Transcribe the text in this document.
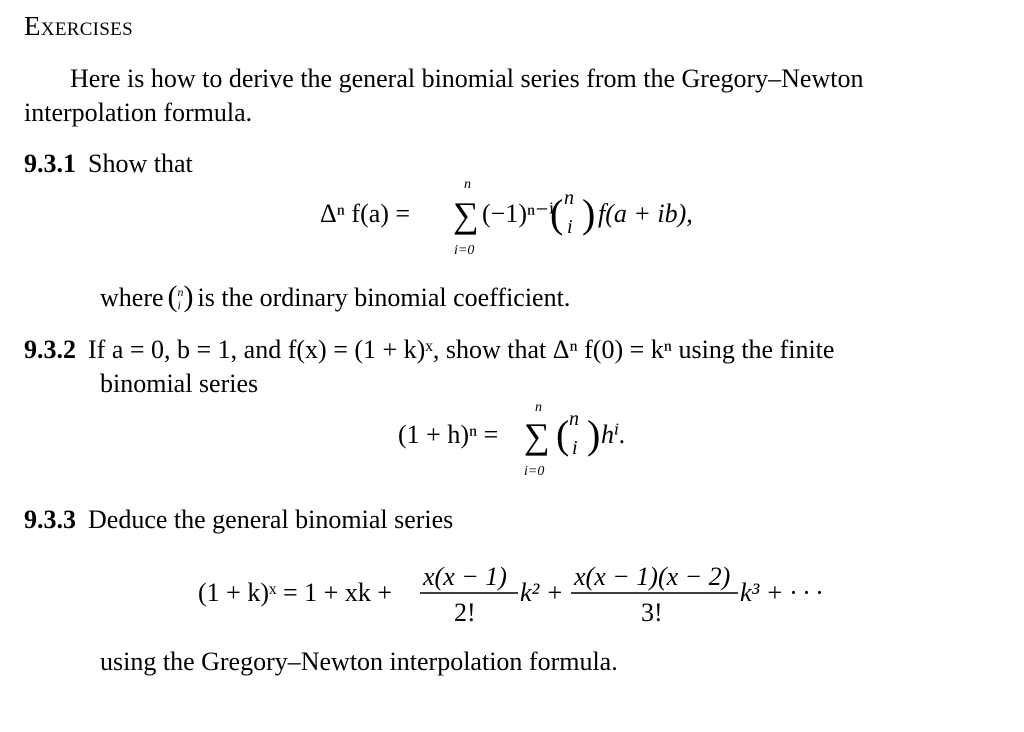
Exercises
Here is how to derive the general binomial series from the Gregory–Newton interpolation formula.
9.3.1 Show that
Δⁿ f(a) =
n
∑
i=0
(−1)ⁿ⁻ⁱ
( n
i ) f(a + ib),
where ( n
i ) is the ordinary binomial coefficient.
9.3.2 If a = 0, b = 1, and f(x) = (1 + k)ˣ, show that Δⁿ f(0) = kⁿ using the finite
binomial series
(1 + h)ⁿ =
n
∑
i=0
( n
i ) hⁱ.
9.3.3 Deduce the general binomial series
(1 + k)ˣ = 1 + xk +
x(x − 1)
2!
k² +
x(x − 1)(x − 2)
3!
k³ + · · ·
using the Gregory–Newton interpolation formula.
